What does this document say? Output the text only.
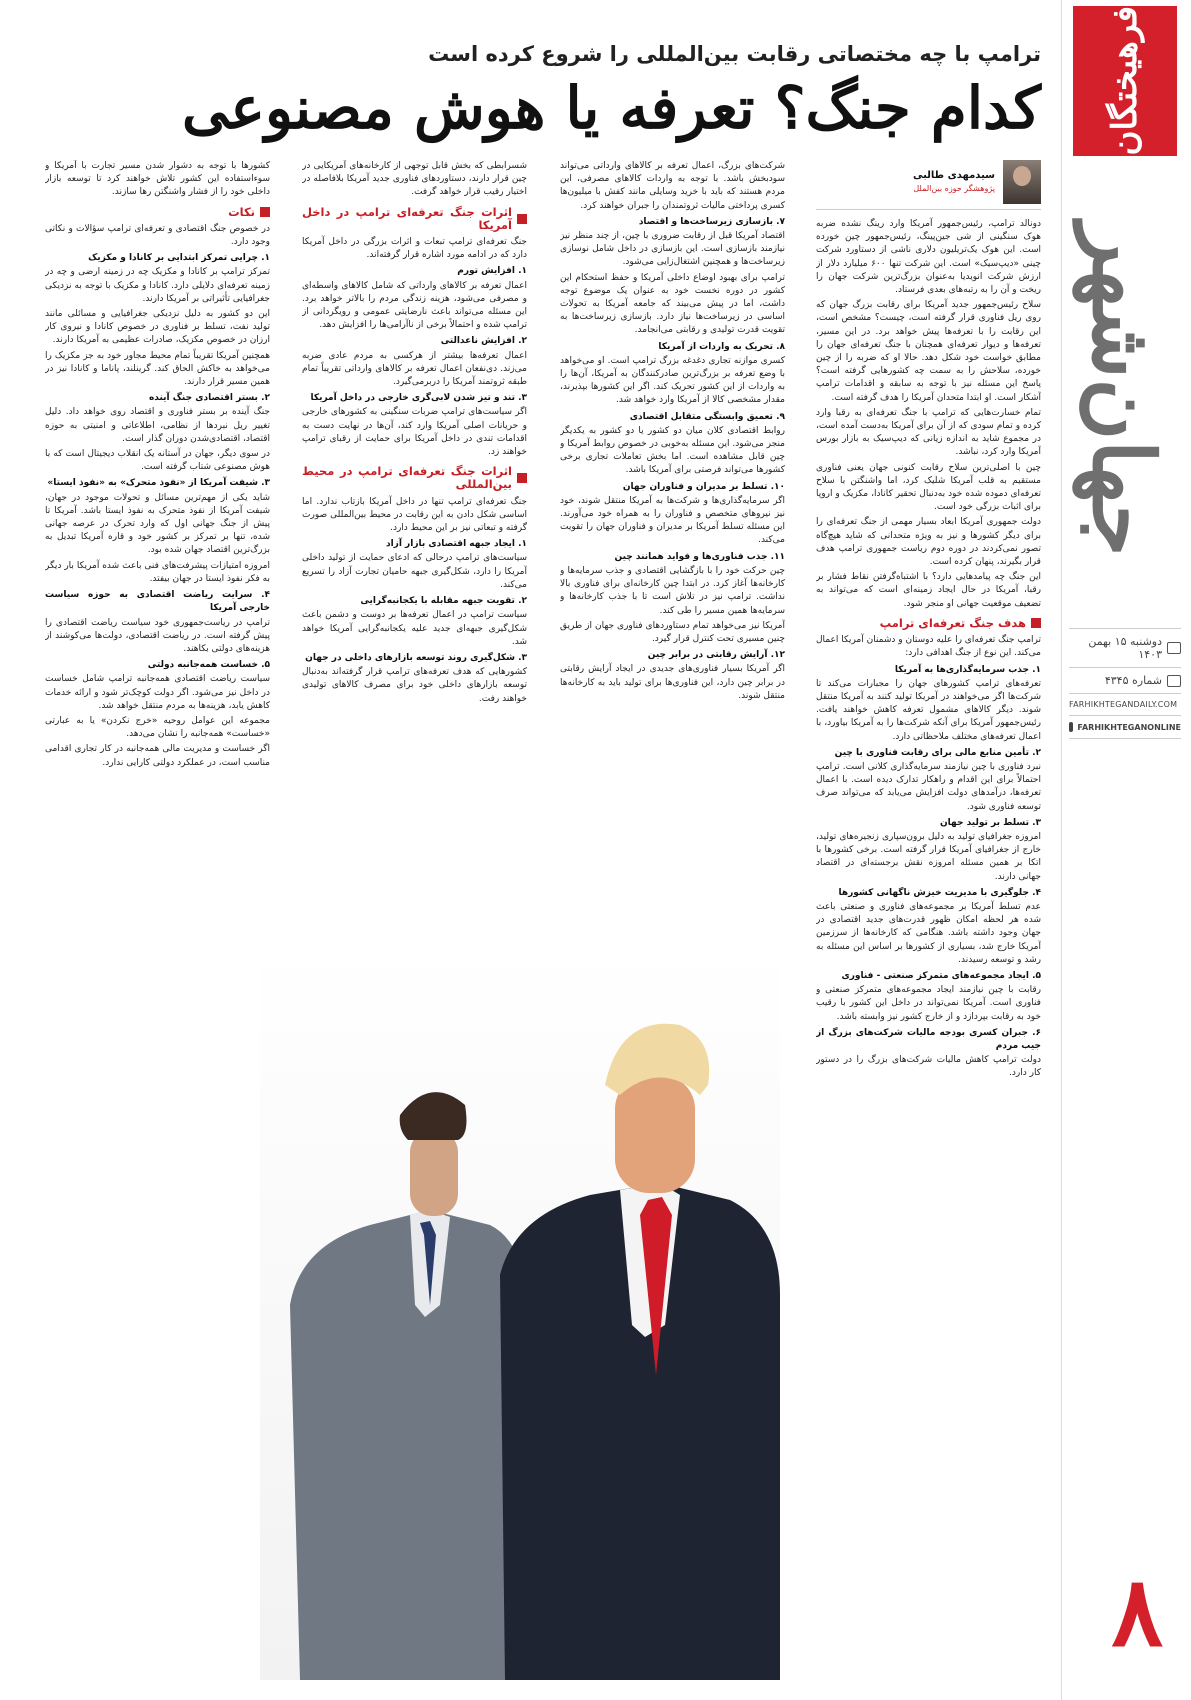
فرهیختگان
جهان‌شهر
دوشنبه ۱۵ بهمن ۱۴۰۳
شماره ۴۳۴۵
FARHIKHTEGANDAILY.COM
FARHIKHTEGANONLINE
۸
ترامپ با چه مختصاتی رقابت بین‌المللی را شروع کرده است
کدام جنگ؟ تعرفه یا هوش مصنوعی
سیدمهدی طالبی
پژوهشگر حوزه بین‌الملل

دونالد ترامپ، رئیس‌جمهور آمریکا وارد رینگ نشده ضربه هوک سنگینی از شی جین‌پینگ، رئیس‌جمهور چین خورده است. این هوک یک‌تریلیون دلاری ناشی از دستاورد شرکت چینی «دیپ‌سیک» است. این شرکت تنها ۶۰۰ میلیارد دلار از ارزش شرکت انویدیا به‌عنوان بزرگ‌ترین شرکت جهان را ریخت و آن را به رتبه‌های بعدی فرستاد.

سلاح رئیس‌جمهور جدید آمریکا برای رقابت بزرگ جهان که روی ریل فناوری قرار گرفته است، چیست؟ مشخص است، این رقابت را با تعرفه‌ها پیش خواهد برد. در این مسیر، تعرفه‌ها و دیوار تعرفه‌ای همچنان با جنگ تعرفه‌ای جهان را مطابق خواست خود شکل دهد. حالا او که ضربه را از چین خورده، سلاحش را به سمت چه کشورهایی گرفته است؟ پاسخ این مسئله نیز با توجه به سابقه و اقدامات ترامپ آشکار است. او ابتدا متحدان آمریکا را هدف گرفته است.

تمام خسارت‌هایی که ترامپ با جنگ تعرفه‌ای به رقبا وارد کرده و تمام سودی که از آن برای آمریکا به‌دست آمده است، در مجموع شاید به اندازه زیانی که دیپ‌سیک به بازار بورس آمریکا وارد کرد، نباشد.

چین با اصلی‌ترین سلاح رقابت کنونی جهان یعنی فناوری مستقیم به قلب آمریکا شلیک کرد، اما واشنگتن با سلاح تعرفه‌ای دموده شده خود به‌دنبال تحقیر کانادا، مکزیک و اروپا برای اثبات بزرگی خود است.

دولت جمهوری آمریکا ابعاد بسیار مهمی از جنگ تعرفه‌ای را برای دیگر کشورها و نیز به ویژه متحدانی که شاید هیچ‌گاه تصور نمی‌کردند در دوره دوم ریاست جمهوری ترامپ هدف قرار بگیرند، پنهان کرده است.

این جنگ چه پیامدهایی دارد؟ با اشتباه‌گرفتن نقاط فشار بر رقبا، آمریکا در حال ایجاد زمینه‌ای است که می‌تواند به تضعیف موقعیت جهانی او منجر شود.

هدف جنگ تعرفه‌ای ترامپ

ترامپ جنگ تعرفه‌ای را علیه دوستان و دشمنان آمریکا اعمال می‌کند. این نوع از جنگ اهدافی دارد:

۱. جذب سرمایه‌گذاری‌ها به آمریکا

تعرفه‌های ترامپ کشورهای جهان را مجبارات می‌کند تا شرکت‌ها اگر می‌خواهند در آمریکا تولید کنند به آمریکا منتقل شوند. دیگر کالاهای مشمول تعرفه کاهش خواهند یافت. رئیس‌جمهور آمریکا برای آنکه شرکت‌ها را به آمریکا بیاورد، با اعمال تعرفه‌های مختلف ملاحظاتی دارد.

۲. تأمین منابع مالی برای رقابت فناوری با چین

نبرد فناوری با چین نیازمند سرمایه‌گذاری کلانی است. ترامپ احتمالاً برای این اقدام و راهکار تدارک دیده است. با اعمال تعرفه‌ها، درآمدهای دولت افزایش می‌یابد که می‌تواند صرف توسعه فناوری شود.

۳. تسلط بر تولید جهان

امروزه جغرافیای تولید به دلیل برون‌سپاری زنجیره‌های تولید، خارج از جغرافیای آمریکا قرار گرفته است. برخی کشورها با اتکا بر همین مسئله امروزه نقش برجسته‌ای در اقتصاد جهانی دارند.

۴. جلوگیری با مدیریت خیزش ناگهانی کشورها

عدم تسلط آمریکا بر مجموعه‌های فناوری و صنعتی باعث شده هر لحظه امکان ظهور قدرت‌های جدید اقتصادی در جهان وجود داشته باشد. هنگامی که کارخانه‌ها از سرزمین آمریکا خارج شد، بسیاری از کشورها بر اساس این مسئله به رشد و توسعه رسیدند.

۵. ایجاد مجموعه‌های متمرکز صنعتی - فناوری

رقابت با چین نیازمند ایجاد مجموعه‌های متمرکز صنعتی و فناوری است. آمریکا نمی‌تواند در داخل این کشور با رقیب خود به رقابت بپردازد و از خارج کشور نیز وابسته باشد.

۶. جبران کسری بودجه مالیات شرکت‌های بزرگ از جیب مردم

دولت ترامپ کاهش مالیات شرکت‌های بزرگ را در دستور کار دارد.

شرکت‌های بزرگ، اعمال تعرفه بر کالاهای وارداتی می‌تواند سودبخش باشد. با توجه به واردات کالاهای مصرفی، این مردم هستند که باید با خرید وسایلی مانند کفش با میلیون‌ها کسری پرداختی مالیات ثروتمندان را جبران خواهند کرد.

۷. بازسازی زیرساخت‌ها و اقتصاد

اقتصاد آمریکا قبل از رقابت ضروری با چین، از چند منظر نیز نیازمند بازسازی است. این بازسازی در داخل شامل نوسازی زیرساخت‌ها و همچنین اشتغال‌زایی می‌شود.

ترامپ برای بهبود اوضاع داخلی آمریکا و حفظ استحکام این کشور در دوره نخست خود به عنوان یک موضوع توجه داشت، اما در پیش می‌بیند که جامعه آمریکا به تحولات اساسی در زیرساخت‌ها نیاز دارد. بازسازی زیرساخت‌ها به تقویت قدرت تولیدی و رقابتی می‌انجامد.

۸. تحریک به واردات از آمریکا

کسری موازنه تجاری دغدغه بزرگ ترامپ است. او می‌خواهد با وضع تعرفه بر بزرگ‌ترین صادرکنندگان به آمریکا، آن‌ها را به واردات از این کشور تحریک کند. اگر این کشورها بپذیرند، مقدار مشخصی کالا از آمریکا وارد خواهد شد.

۹. تعمیق وابستگی متقابل اقتصادی

روابط اقتصادی کلان میان دو کشور یا دو کشور به یکدیگر منجر می‌شود. این مسئله به‌خوبی در خصوص روابط آمریکا و چین قابل مشاهده است. اما بخش تعاملات تجاری برخی کشورها می‌تواند فرصتی برای آمریکا باشد.

۱۰. تسلط بر مدیران و فناوران جهان

اگر سرمایه‌گذاری‌ها و شرکت‌ها به آمریکا منتقل شوند، خود نیز نیروهای متخصص و فناوران را به همراه خود می‌آورند. این مسئله تسلط آمریکا بر مدیران و فناوران جهان را تقویت می‌کند.

۱۱. جذب فناوری‌ها و فواید همانند چین

چین حرکت خود را با بازگشایی اقتصادی و جذب سرمایه‌ها و کارخانه‌ها آغاز کرد. در ابتدا چین کارخانه‌ای برای فناوری بالا نداشت. ترامپ نیز در تلاش است تا با جذب کارخانه‌ها و سرمایه‌ها همین مسیر را طی کند.

آمریکا نیز می‌خواهد تمام دستاوردهای فناوری جهان از طریق چنین مسیری تحت کنترل قرار گیرد.

۱۲. آرایش رقابتی در برابر چین

اگر آمریکا بسیار فناوری‌های جدیدی در ایجاد آرایش رقابتی در برابر چین دارد، این فناوری‌ها برای تولید باید به کارخانه‌ها منتقل شوند.

شسرابطی که بخش قابل توجهی از کارخانه‌های آمریکایی در چین قرار دارند، دستاوردهای فناوری جدید آمریکا بلافاصله در اختیار رقیب قرار خواهد گرفت.

اثرات جنگ تعرفه‌ای ترامپ در داخل آمریکا

جنگ تعرفه‌ای ترامپ تبعات و اثرات بزرگی در داخل آمریکا دارد که در ادامه مورد اشاره قرار گرفته‌اند.

۱. افزایش تورم

اعمال تعرفه بر کالاهای وارداتی که شامل کالاهای واسطه‌ای و مصرفی می‌شود، هزینه زندگی مردم را بالاتر خواهد برد. این مسئله می‌تواند باعث نارضایتی عمومی و رویگردانی از ترامپ شده و احتمالاً برخی از ناآرامی‌ها را افزایش دهد.

۲. افزایش ناعدالتی

اعمال تعرفه‌ها بیشتر از هرکسی به مردم عادی ضربه می‌زند. دی‌نفعان اعمال تعرفه بر کالاهای وارداتی تقریباً تمام طبقه ثروتمند آمریکا را دربرمی‌گیرد.

۳. تند و تیز شدن لابی‌گری خارجی در داخل آمریکا

اگر سیاست‌های ترامپ ضربات سنگینی به کشورهای خارجی و حریانات اصلی آمریکا وارد کند، آن‌ها در نهایت دست به اقدامات تندی در داخل آمریکا برای حمایت از رقبای ترامپ خواهند زد.

اثرات جنگ تعرفه‌ای ترامپ در محیط بین‌المللی

جنگ تعرفه‌ای ترامپ تنها در داخل آمریکا بازتاب ندارد. اما اساسی شکل دادن به این رقابت در محیط بین‌المللی صورت گرفته و تبعاتی نیز بر این محیط دارد.

۱. ایجاد جبهه اقتصادی بازار آزاد

سیاست‌های ترامپ درحالی که ادعای حمایت از تولید داخلی آمریکا را دارد، شکل‌گیری جبهه حامیان تجارت آزاد را تسریع می‌کند.

۲. تقویت جبهه مقابله با یکجانبه‌گرایی

سیاست ترامپ در اعمال تعرفه‌ها بر دوست و دشمن باعث شکل‌گیری جبهه‌ای جدید علیه یکجانبه‌گرایی آمریکا خواهد شد.

۳. شکل‌گیری روند توسعه بازارهای داخلی در جهان

کشورهایی که هدف تعرفه‌های ترامپ قرار گرفته‌اند به‌دنبال توسعه بازارهای داخلی خود برای مصرف کالاهای تولیدی خواهند رفت.

کشورها با توجه به دشوار شدن مسیر تجارت با آمریکا و سوءاستفاده این کشور تلاش خواهند کرد تا توسعه بازار داخلی خود را از فشار واشنگتن رها سازند.

نکات

در خصوص جنگ اقتصادی و تعرفه‌ای ترامپ سؤالات و نکاتی وجود دارد.

۱. چرایی تمرکز ابتدایی بر کانادا و مکزیک

تمرکز ترامپ بر کانادا و مکزیک چه در زمینه ارضی و چه در زمینه تعرفه‌ای دلایلی دارد. کانادا و مکزیک با توجه به نزدیکی جغرافیایی تأثیراتی بر آمریکا دارند.

این دو کشور به دلیل نزدیکی جغرافیایی و مسائلی مانند تولید نفت، تسلط بر فناوری در خصوص کانادا و نیروی کار ارزان در خصوص مکزیک، صادرات عظیمی به آمریکا دارند.

همچنین آمریکا تقریباً تمام محیط مجاور خود به جز مکزیک را می‌خواهد به خاکش الحاق کند. گرینلند، پاناما و کانادا نیز در همین مسیر قرار دارند.

۲. بستر اقتصادی جنگ آینده

جنگ آینده بر بستر فناوری و اقتصاد روی خواهد داد. دلیل تغییر ریل نبردها از نظامی، اطلاعاتی و امنیتی به حوزه اقتصاد، اقتصادی‌شدن دوران گذار است.

در سوی دیگر، جهان در آستانه یک انقلاب دیجیتال است که با هوش مصنوعی شتاب گرفته است.

۳. شیفت آمریکا از «نفوذ متحرک» به «نفوذ ایستا»

شاید یکی از مهم‌ترین مسائل و تحولات موجود در جهان، شیفت آمریکا از نفوذ متحرک به نفوذ ایستا باشد. آمریکا تا پیش از جنگ جهانی اول که وارد تحرک در عرصه جهانی شده، تنها بر تمرکز بر کشور خود و قاره آمریکا تبدیل به بزرگ‌ترین اقتصاد جهان شده بود.

امروزه امتیازات پیشرفت‌های فنی باعث شده آمریکا بار دیگر به فکر نفوذ ایستا در جهان بیفتد.

۴. سرایت ریاضت اقتصادی به حوزه سیاست خارجی آمریکا

ترامپ در ریاست‌جمهوری خود سیاست ریاضت اقتصادی را پیش گرفته است. در ریاضت اقتصادی، دولت‌ها می‌کوشند از هزینه‌های دولتی بکاهند.

۵. خساست همه‌جانبه دولتی

سیاست ریاضت اقتصادی همه‌جانبه ترامپ شامل خساست در داخل نیز می‌شود. اگر دولت کوچک‌تر شود و ارائه خدمات کاهش یابد، هزینه‌ها به مردم منتقل خواهد شد.

مجموعه این عوامل روحیه «خرج نکردن» یا به عبارتی «خساست» همه‌جانبه را نشان می‌دهد.

اگر خساست و مدیریت مالی همه‌جانبه در کار تجاری اقدامی مناسب است، در عملکرد دولتی کارایی ندارد.
